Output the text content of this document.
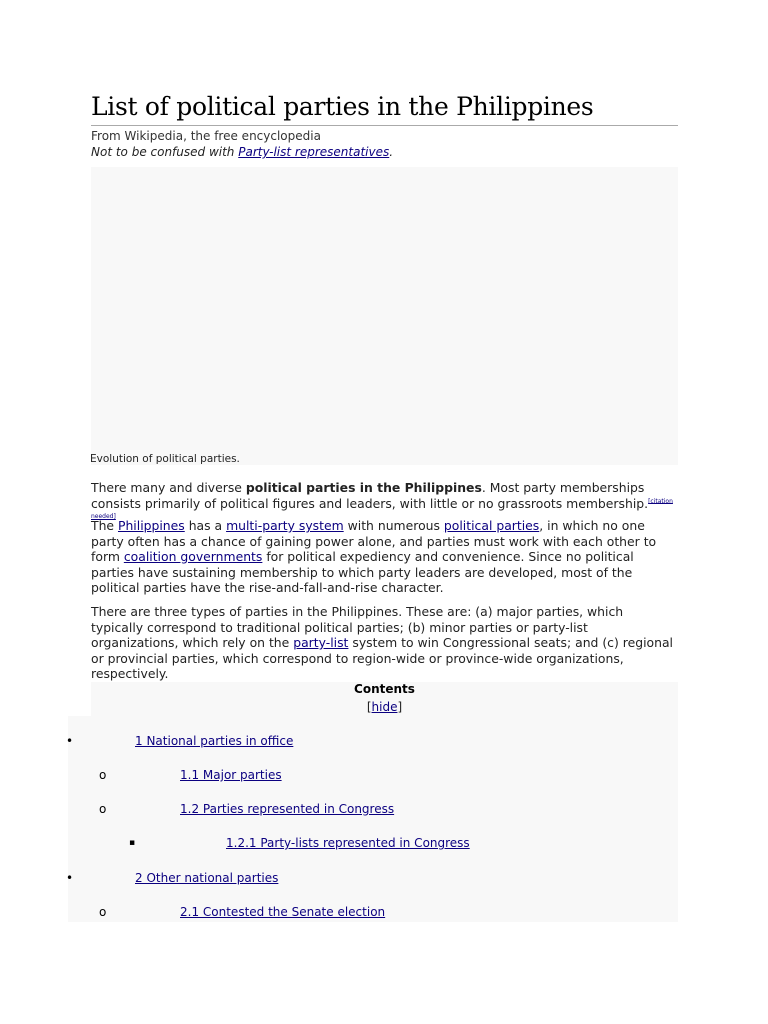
List of political parties in the Philippines
From Wikipedia, the free encyclopedia
Not to be confused with Party-list representatives.
Evolution of political parties.

There many and diverse political parties in the Philippines. Most party memberships consists primarily of political figures and leaders, with little or no grassroots membership.[citation needed]

The Philippines has a multi-party system with numerous political parties, in which no one party often has a chance of gaining power alone, and parties must work with each other to form coalition governments for political expediency and convenience. Since no political parties have sustaining membership to which party leaders are developed, most of the political parties have the rise-and-fall-and-rise character.

There are three types of parties in the Philippines. These are: (a) major parties, which typically correspond to traditional political parties; (b) minor parties or party-list organizations, which rely on the party-list system to win Congressional seats; and (c) regional or provincial parties, which correspond to region-wide or province-wide organizations, respectively.

Contents
[hide]
•	1 National parties in office
o	1.1 Major parties
o	1.2 Parties represented in Congress
▪	1.2.1 Party-lists represented in Congress
•	2 Other national parties
o	2.1 Contested the Senate election
